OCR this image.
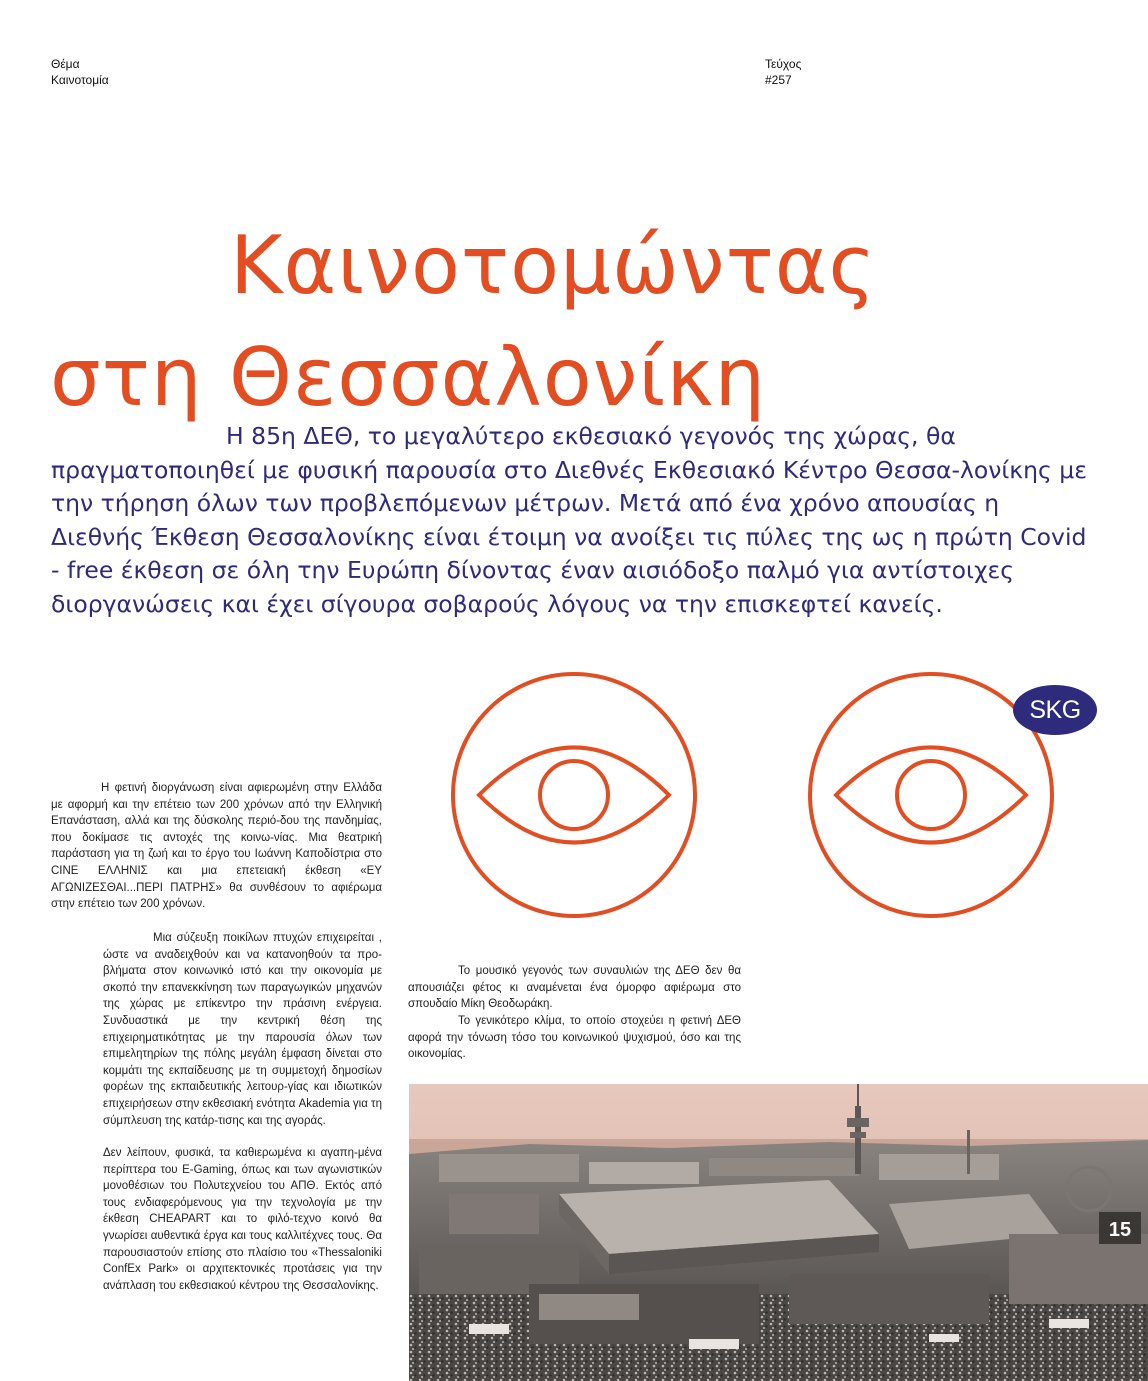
Θέμα
Καινοτομία
Τεύχος
#257
Καινοτομώντας
στη Θεσσαλονίκη

Η 85η ΔΕΘ, το μεγαλύτερο εκθεσιακό γεγονός της χώρας, θα πραγματοποιηθεί με φυσική παρουσία στο Διεθνές Εκθεσιακό Κέντρο Θεσσα-λονίκης με την τήρηση όλων των προβλεπόμενων μέτρων. Μετά από ένα χρόνο απουσίας η Διεθνής Έκθεση Θεσσαλονίκης είναι έτοιμη να ανοίξει τις πύλες της ως η πρώτη Covid - free έκθεση σε όλη την Ευρώπη δίνοντας έναν αισιόδοξο παλμό για αντίστοιχες διοργανώσεις και έχει σίγουρα σοβαρούς λόγους να την επισκεφτεί κανείς.

Η φετινή διοργάνωση είναι αφιερωμένη στην Ελλάδα με αφορμή και την επέτειο των 200 χρόνων από την Ελληνική Επανάσταση, αλλά και της δύσκολης περιό-δου της πανδημίας, που δοκίμασε τις αντοχές της κοινω-νίας. Μια θεατρική παράσταση για τη ζωή και το έργο του Ιωάννη Καποδίστρια στο CINE ΕΛΛΗΝΙΣ και μια επετειακή έκθεση «ΕΥ ΑΓΩΝΙΖΕΣΘΑΙ...ΠΕΡΙ ΠΑΤΡΗΣ» θα συνθέσουν το αφιέρωμα στην επέτειο των 200 χρόνων.

Μια σύζευξη ποικίλων πτυχών επιχειρείται , ώστε να αναδειχθούν και να κατανοηθούν τα προ-βλήματα στον κοινωνικό ιστό και την οικονομία με σκοπό την επανεκκίνηση των παραγωγικών μηχανών της χώρας με επίκεντρο την πράσινη ενέργεια. Συνδυαστικά με την κεντρική θέση της επιχειρηματικότητας με την παρουσία όλων των επιμελητηρίων της πόλης μεγάλη έμφαση δίνεται στο κομμάτι της εκπαίδευσης με τη συμμετοχή δημοσίων φορέων της εκπαιδευτικής λειτουρ-γίας και ιδιωτικών επιχειρήσεων στην εκθεσιακή ενότητα Akademia για τη σύμπλευση της κατάρ-τισης και της αγοράς.

Δεν λείπουν, φυσικά, τα καθιερωμένα κι αγαπη-μένα περίπτερα του E-Gaming, όπως και των αγωνιστικών μονοθέσιων του Πολυτεχνείου του ΑΠΘ. Εκτός από τους ενδιαφερόμενους για την τεχνολογία με την έκθεση CHEAPART και το φιλό-τεχνο κοινό θα γνωρίσει αυθεντικά έργα και τους καλλιτέχνες τους. Θα παρουσιαστούν επίσης στο πλαίσιο του «Thessaloniki ConfEx Park» οι αρχιτεκτονικές προτάσεις για την ανάπλαση του εκθεσιακού κέντρου της Θεσσαλονίκης.

Το μουσικό γεγονός των συναυλιών της ΔΕΘ δεν θα απουσιάζει φέτος κι αναμένεται ένα όμορφο αφιέρωμα στο σπουδαίο Μίκη Θεοδωράκη.

Το γενικότερο κλίμα, το οποίο στοχεύει η φετινή ΔΕΘ αφορά την τόνωση τόσο του κοινωνικού ψυχισμού, όσο και της οικονομίας.

SKG
15
